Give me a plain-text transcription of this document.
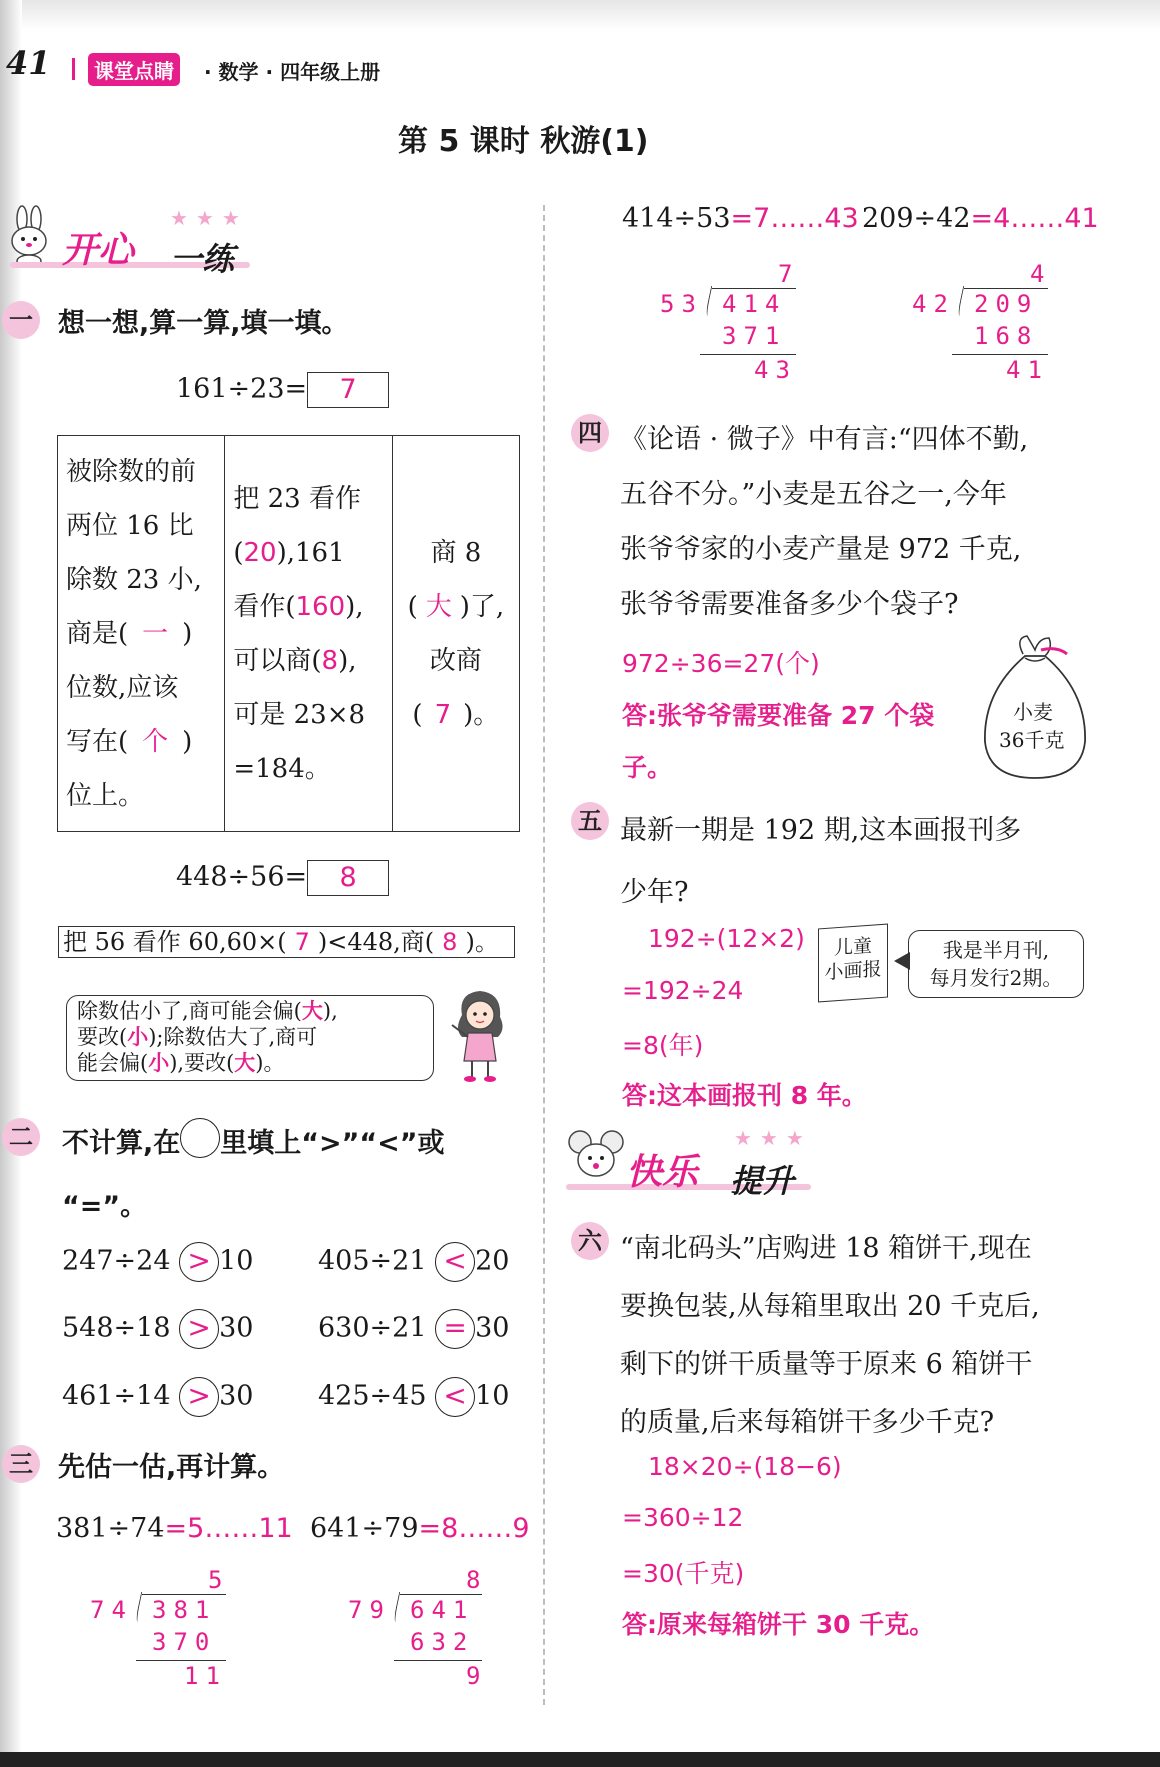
41	课堂点睛	· 数学 · 四年级上册
第 5 课时 秋游(1)
开心 一练
★★★
一 想一想,算一算,填一填。
161÷23= 7
被除数的前
两位 16 比
除数 23 小,
商是( 一 )
位数,应该
写在( 个 )
位上。

把 23 看作
(20),161
看作(160),
可以商(8),
可是 23×8
=184。

商 8
( 大 )了,
改商
( 7 )。
448÷56= 8
把 56 看作 60,60×( 7 )<448,商( 8 )。
除数估小了,商可能会偏(大),
要改(小);除数估大了,商可
能会偏(小),要改(大)。
二 不计算,在 里填上“>”“<”或
“=”。
247÷24 > 10 405÷21 < 20
548÷18 > 30 630÷21 = 30
461÷14 > 30 425÷45 < 10
三 先估一估,再计算。
381÷74=5……11 641÷79=8……9
5
74 381
370
11
8
79 641
632
9
414÷53=7……43 209÷42=4……41
7
53 414
371
43
4
42 209
168
41
四 《论语 · 微子》中有言:“四体不勤,
五谷不分。”小麦是五谷之一,今年
张爷爷家的小麦产量是 972 千克,
张爷爷需要准备多少个袋子?
972÷36=27(个)
答:张爷爷需要准备 27 个袋
子。
小麦
36千克
五 最新一期是 192 期,这本画报刊多
少年?
192÷(12×2)
=192÷24
=8(年)
答:这本画报刊 8 年。
儿童
小画报
我是半月刊,
每月发行2期。
快乐 提升
★★★
六 “南北码头”店购进 18 箱饼干,现在
要换包装,从每箱里取出 20 千克后,
剩下的饼干质量等于原来 6 箱饼干
的质量,后来每箱饼干多少千克?
18×20÷(18−6)
=360÷12
=30(千克)
答:原来每箱饼干 30 千克。
